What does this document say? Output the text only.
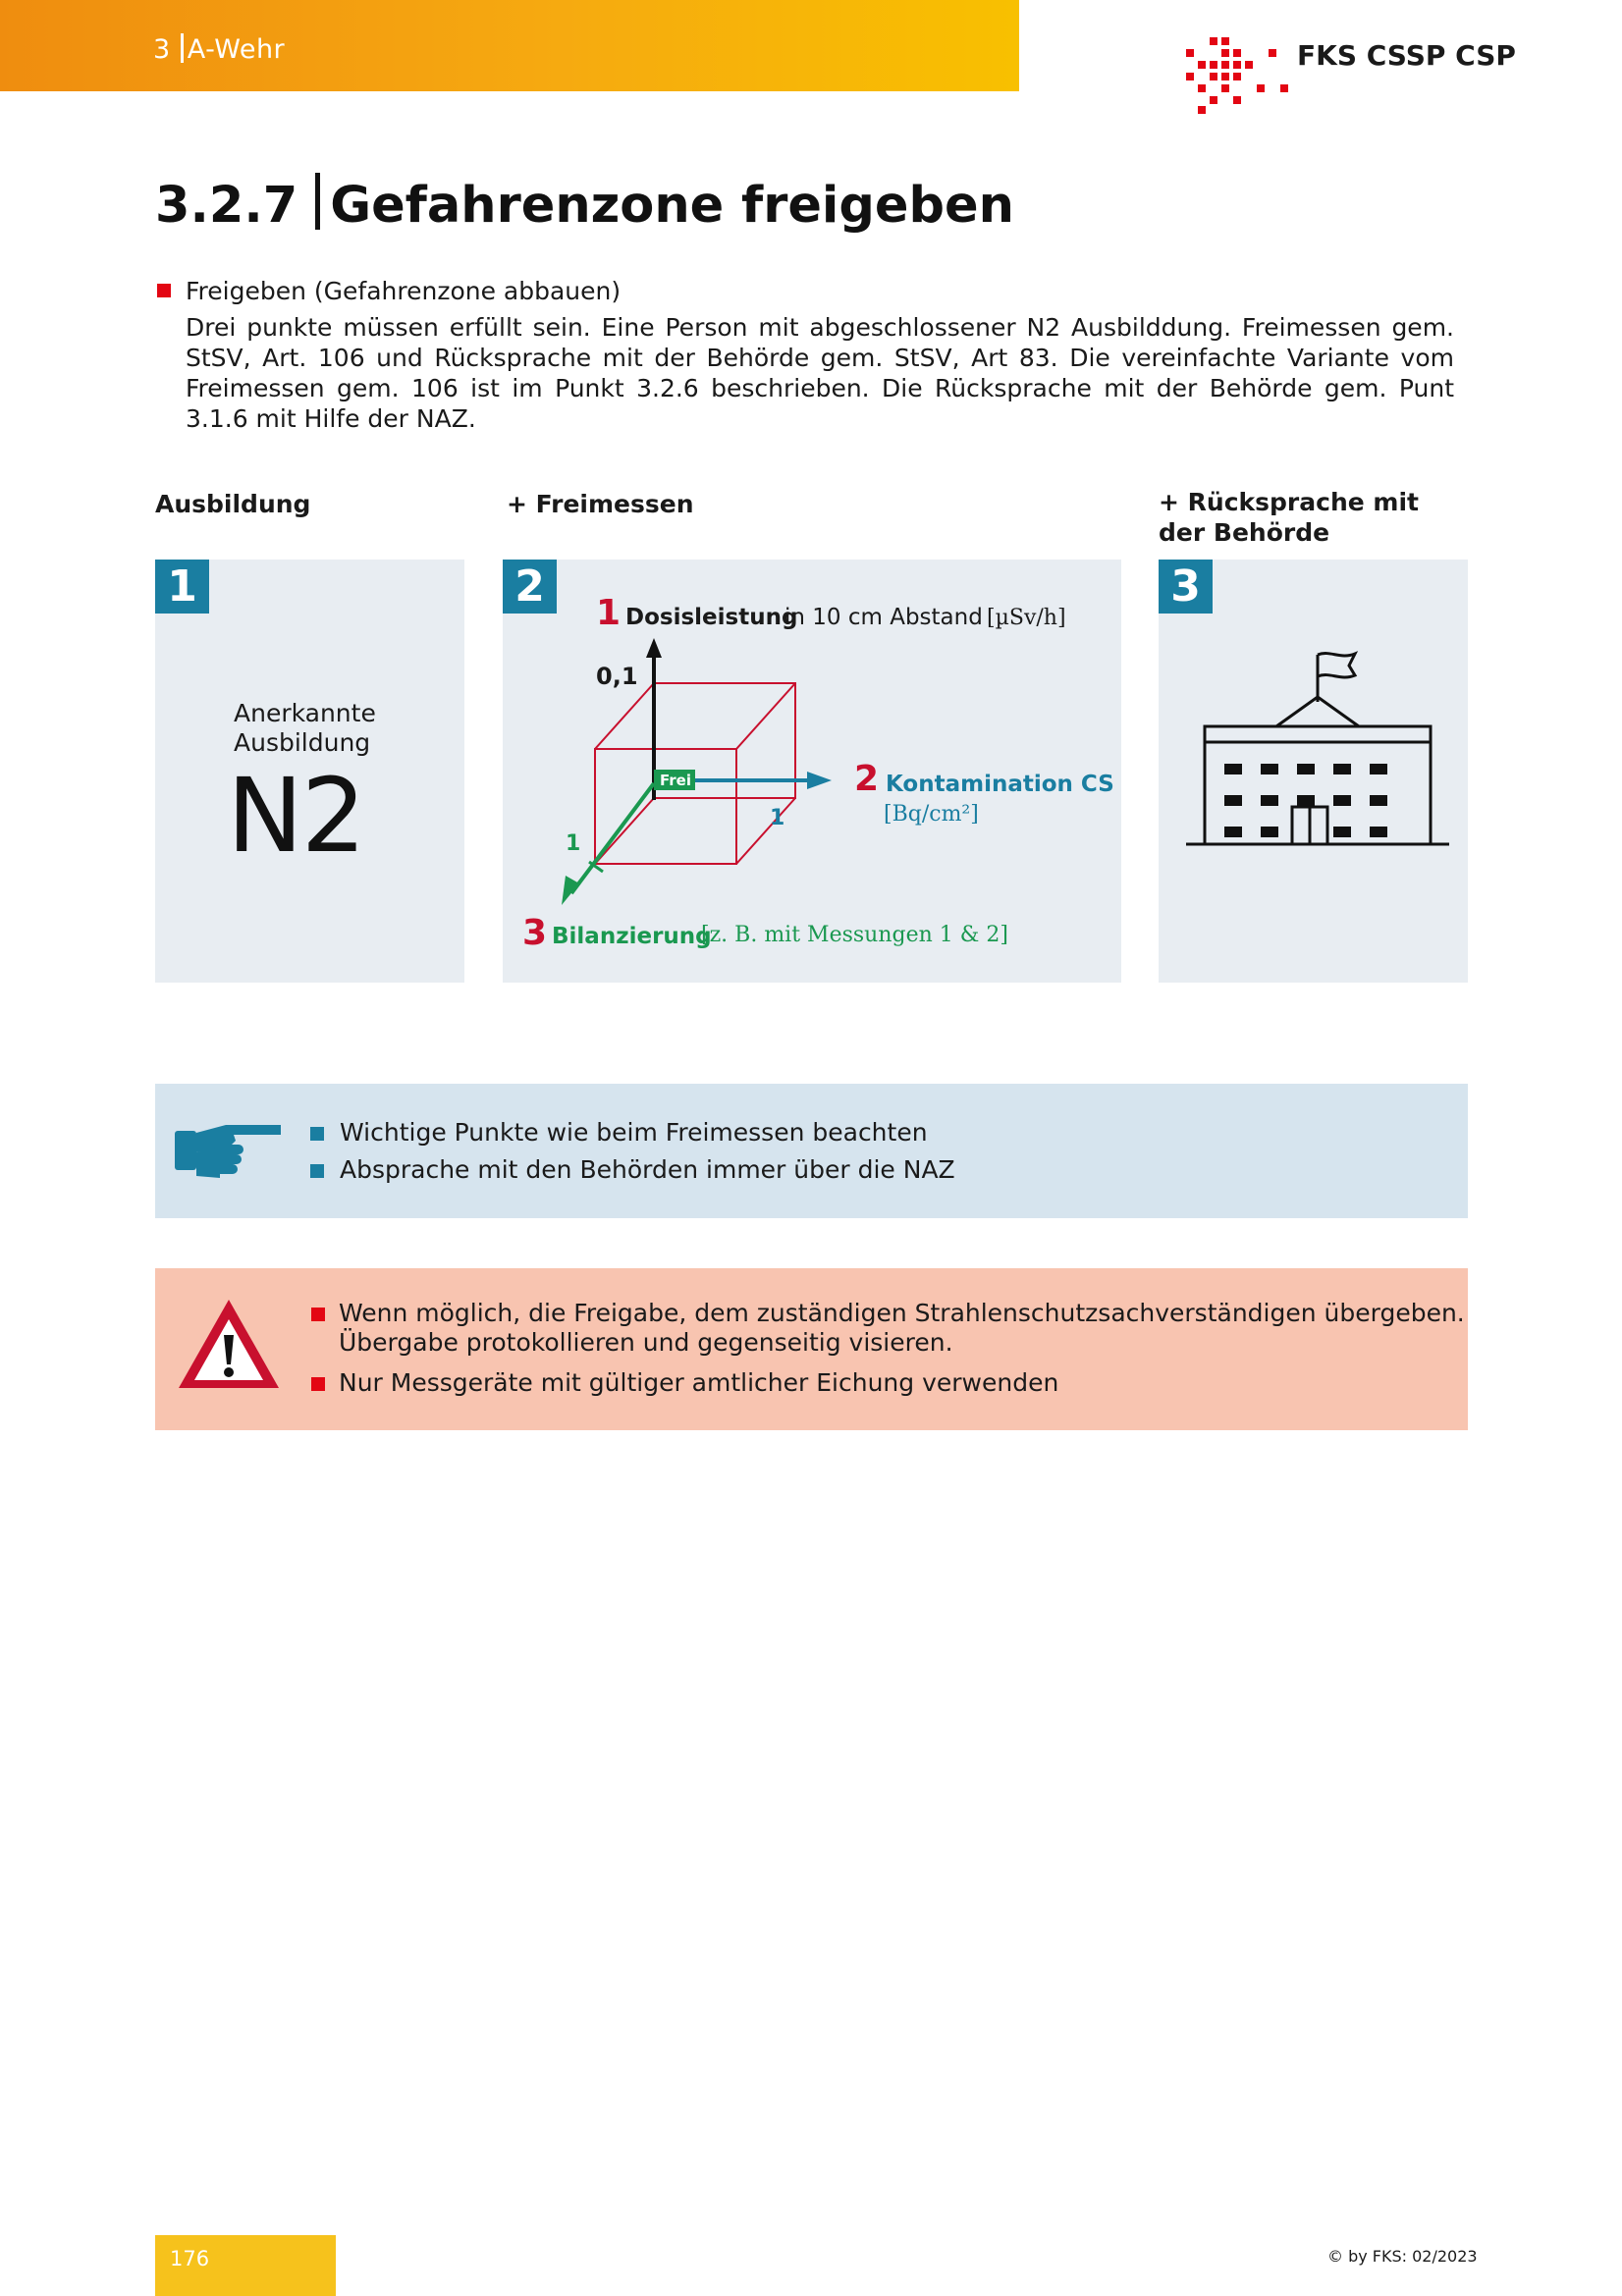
3 A-Wehr	FKS CSSP CSP
3.2.7 Gefahrenzone freigeben
Freigeben (Gefahrenzone abbauen)
Drei punkte müssen erfüllt sein. Eine Person mit abgeschlossener N2 Ausbilddung. Freimessen gem. StSV, Art. 106 und Rücksprache mit der Behörde gem. StSV, Art 83. Die vereinfachte Variante vom Freimessen gem. 106 ist im Punkt 3.2.6 beschrieben. Die Rücksprache mit der Behörde gem. Punt 3.1.6 mit Hilfe der NAZ.
Ausbildung	+ Freimessen	+ Rücksprache mit der Behörde
1
Anerkannte Ausbildung
N2
2
1 Dosisleistung
in 10 cm Abstand [µSv/h]
0,1
1
2 Kontamination CS
[Bq/cm²]
1
Frei
3 Bilanzierung
[z. B. mit Messungen 1 & 2]
3
Wichtige Punkte wie beim Freimessen beachten
Absprache mit den Behörden immer über die NAZ
Wenn möglich, die Freigabe, dem zuständigen Strahlenschutzsachverständigen übergeben.
Übergabe protokollieren und gegenseitig visieren.
Nur Messgeräte mit gültiger amtlicher Eichung verwenden
176	© by FKS: 02/2023
